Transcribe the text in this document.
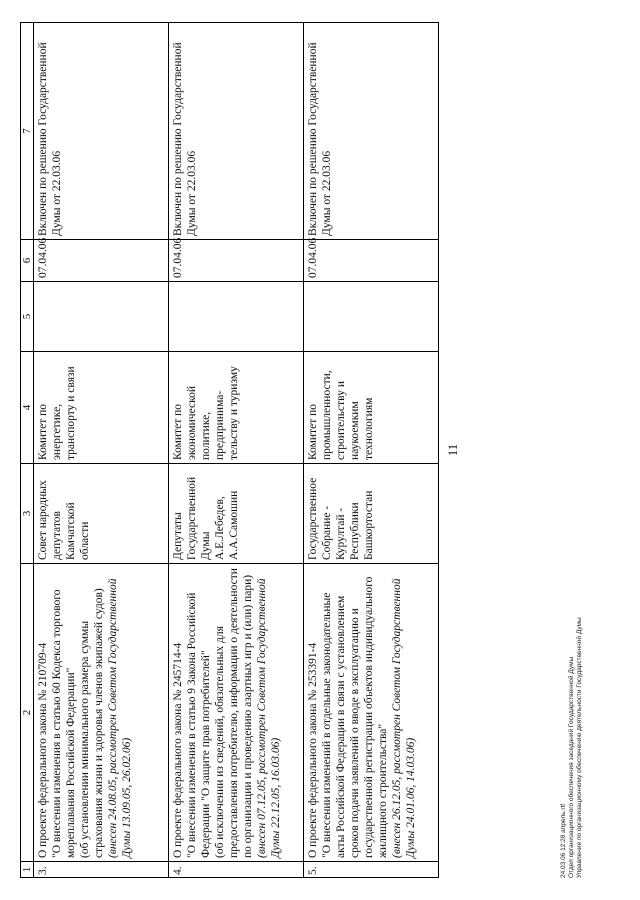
1	2	3	4	5	6	7
3.	О проекте федерального закона № 210709-4 "О внесении изменения в статью 60 Кодекса торгового мореплавания Российской Федерации" (об установлении минимального размера суммы страхования жизни и здоровья членов экипажей судов) (внесен 24.08.05, рассмотрен Советом Государственной Думы 13.09.05, 26.02.06)	Совет народных депутатов Камчатской области	Комитет по энергетике, транспорту и связи		07.04.06	Включен по решению Государственной Думы от 22.03.06
4.	О проекте федерального закона № 245714-4 "О внесении изменения в статью 9 Закона Российской Федерации "О защите прав потребителей" (об исключении из сведений, обязательных для предоставления потребителю, информации о деятельности по организации и проведению азартных игр и (или) пари) (внесен 07.12.05, рассмотрен Советом Государственной Думы 22.12.05, 16.03.06)	Депутаты Государственной Думы А.Е.Лебедев, А.А.Самошин	Комитет по экономической политике, предпринима-тельству и туризму		07.04.06	Включен по решению Государственной Думы от 22.03.06
5.	О проекте федерального закона № 253391-4 "О внесении изменений в отдельные законодательные акты Российской Федерации в связи с установлением сроков подачи заявлений о вводе в эксплуатацию и государственной регистрации объектов индивидуального жилищного строительства" (внесен 26.12.05, рассмотрен Советом Государственной Думы 24.01.06, 14.03.06)	Государственное Собрание - Курултай - Республики Башкортостан	Комитет по промышленности, строительству и наукоемким технологиям		07.04.06	Включен по решению Государственной Думы от 22.03.06
11
24.03.06 12:28 апрель.rtf Отдел организационного обеспечения заседаний Государственной Думы Управление по организационному обеспечению деятельности Государственной Думы
